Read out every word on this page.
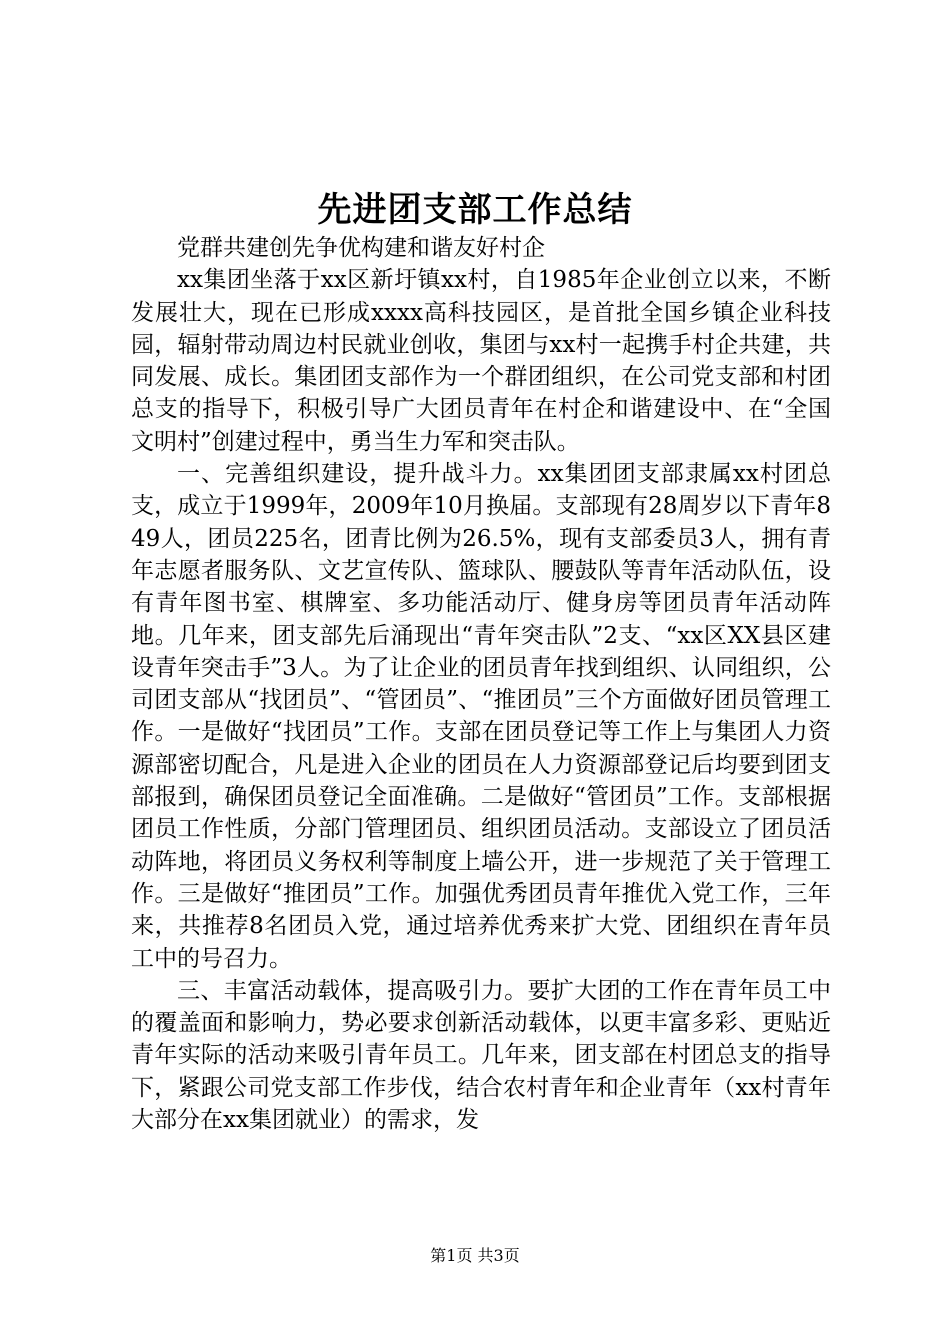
先进团支部工作总结

党群共建创先争优构建和谐友好村企

xx集团坐落于xx区新圩镇xx村，自1985年企业创立以来，不断发展壮大，现在已形成xxxx高科技园区，是首批全国乡镇企业科技园，辐射带动周边村民就业创收，集团与xx村一起携手村企共建，共同发展、成长。集团团支部作为一个群团组织，在公司党支部和村团总支的指导下，积极引导广大团员青年在村企和谐建设中、在“全国文明村”创建过程中，勇当生力军和突击队。

一、完善组织建设，提升战斗力。xx集团团支部隶属xx村团总支，成立于1999年，2009年10月换届。支部现有28周岁以下青年849人，团员225名，团青比例为26.5%，现有支部委员3人，拥有青年志愿者服务队、文艺宣传队、篮球队、腰鼓队等青年活动队伍，设有青年图书室、棋牌室、多功能活动厅、健身房等团员青年活动阵地。几年来，团支部先后涌现出“青年突击队”2支、“xx区XX县区建设青年突击手”3人。为了让企业的团员青年找到组织、认同组织，公司团支部从“找团员”、“管团员”、“推团员”三个方面做好团员管理工作。一是做好“找团员”工作。支部在团员登记等工作上与集团人力资源部密切配合，凡是进入企业的团员在人力资源部登记后均要到团支部报到，确保团员登记全面准确。二是做好“管团员”工作。支部根据团员工作性质，分部门管理团员、组织团员活动。支部设立了团员活动阵地，将团员义务权利等制度上墙公开，进一步规范了关于管理工作。三是做好“推团员”工作。加强优秀团员青年推优入党工作，三年来，共推荐8名团员入党，通过培养优秀来扩大党、团组织在青年员工中的号召力。

三、丰富活动载体，提高吸引力。要扩大团的工作在青年员工中的覆盖面和影响力，势必要求创新活动载体，以更丰富多彩、更贴近青年实际的活动来吸引青年员工。几年来，团支部在村团总支的指导下，紧跟公司党支部工作步伐，结合农村青年和企业青年（xx村青年大部分在xx集团就业）的需求，发

第1页 共3页
